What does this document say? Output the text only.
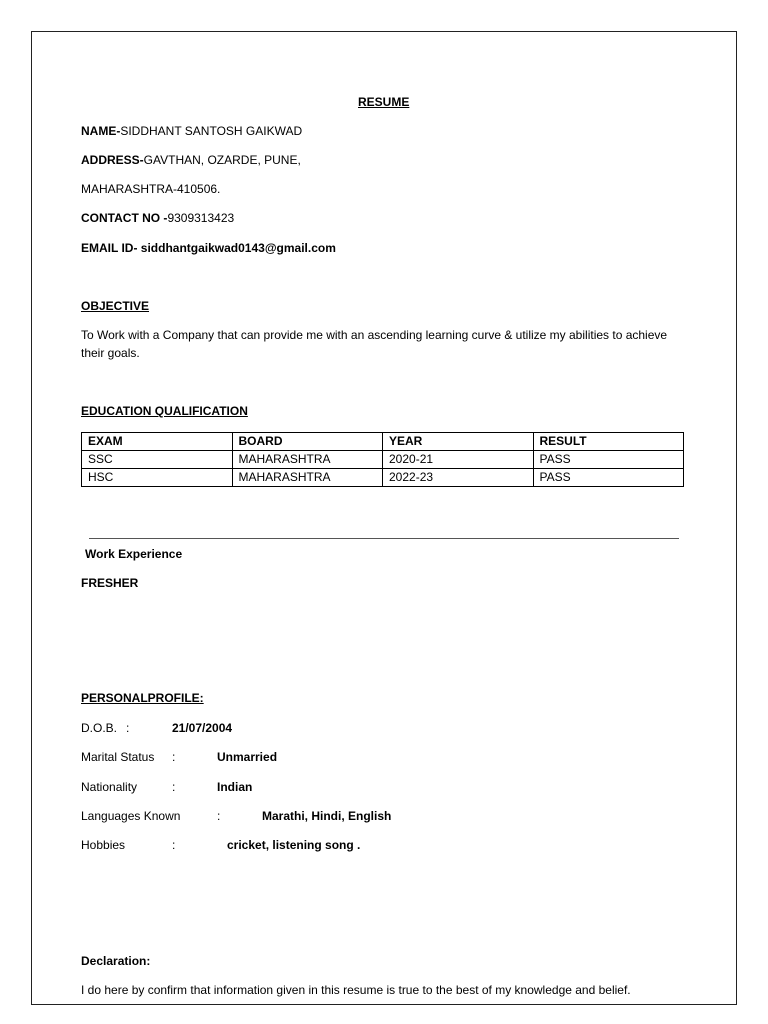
RESUME
NAME-SIDDHANT SANTOSH GAIKWAD
ADDRESS-GAVTHAN, OZARDE, PUNE,
MAHARASHTRA-410506.
CONTACT NO -9309313423
EMAIL ID- siddhantgaikwad0143@gmail.com
OBJECTIVE
To Work with a Company that can provide me with an ascending learning curve & utilize my abilities to achieve their goals.
EDUCATION QUALIFICATION
EXAM	BOARD	YEAR	RESULT
SSC	MAHARASHTRA	2020-21	PASS
HSC	MAHARASHTRA	2022-23	PASS
Work Experience
FRESHER
PERSONALPROFILE:
D.O.B. :	21/07/2004
Marital Status :	Unmarried
Nationality	:	Indian
Languages Known	:	Marathi, Hindi, English
Hobbies	:	cricket, listening song .
Declaration:
I do here by confirm that information given in this resume is true to the best of my knowledge and belief.
